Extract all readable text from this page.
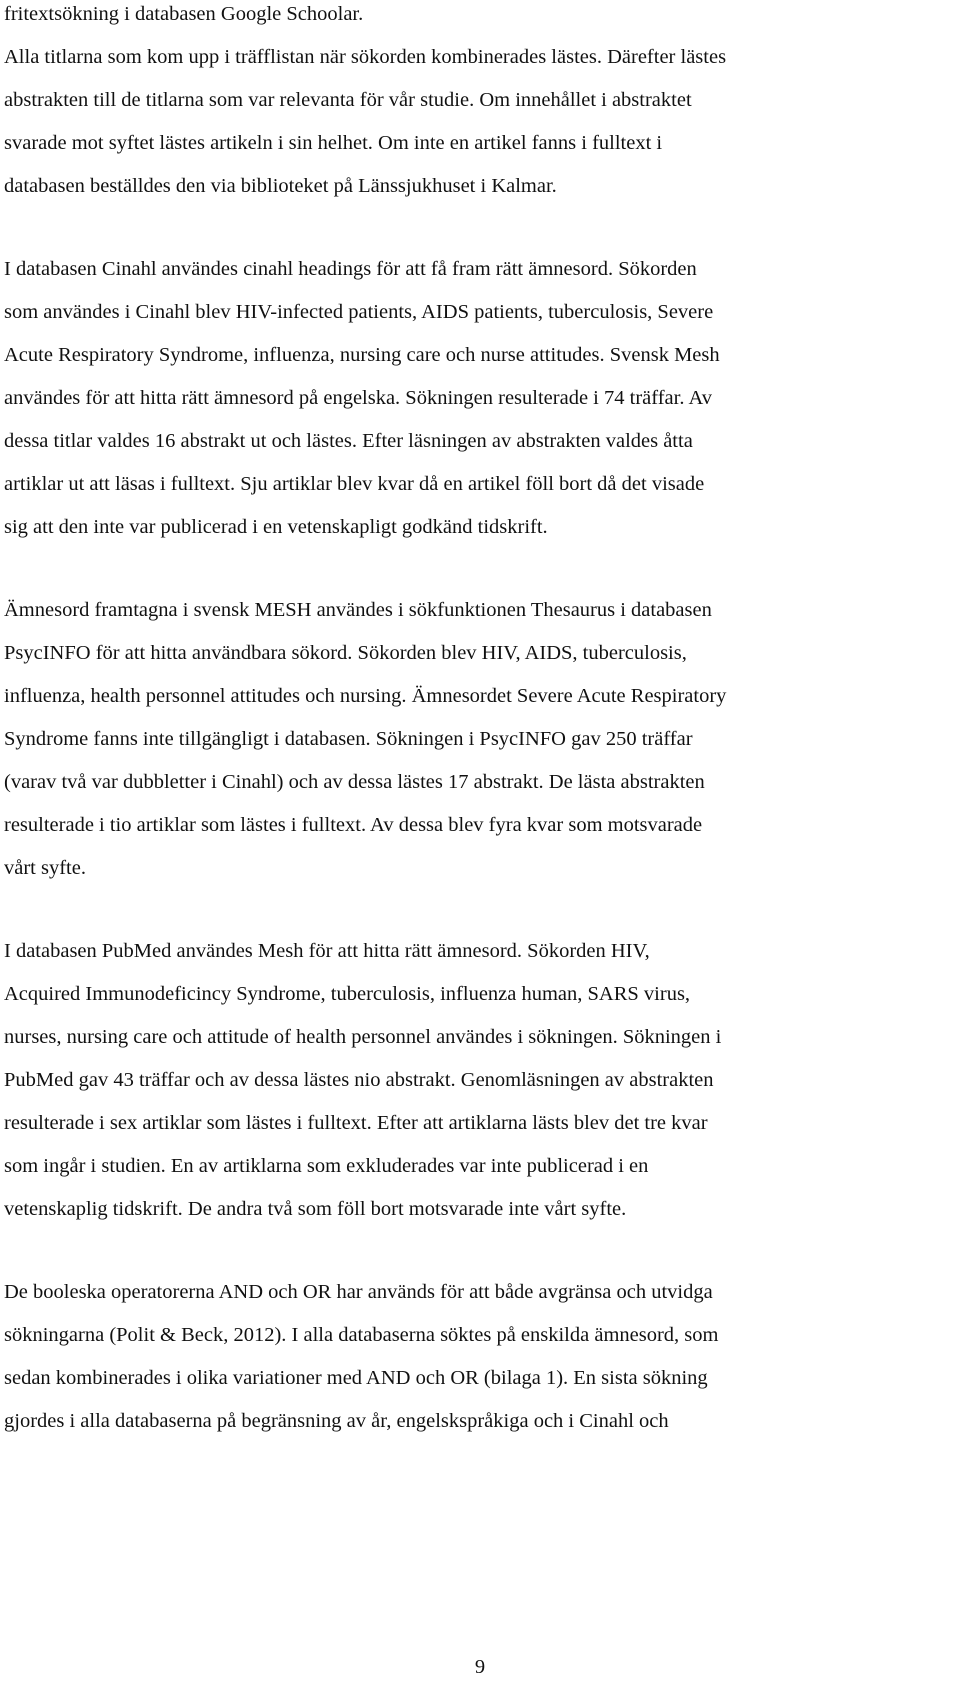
fritextsökning i databasen Google Schoolar.
Alla titlarna som kom upp i träfflistan när sökorden kombinerades lästes. Därefter lästes
abstrakten till de titlarna som var relevanta för vår studie. Om innehållet i abstraktet
svarade mot syftet lästes artikeln i sin helhet. Om inte en artikel fanns i fulltext i
databasen beställdes den via biblioteket på Länssjukhuset i Kalmar.
I databasen Cinahl användes cinahl headings för att få fram rätt ämnesord. Sökorden
som användes i Cinahl blev HIV-infected patients, AIDS patients, tuberculosis, Severe
Acute Respiratory Syndrome, influenza, nursing care och nurse attitudes. Svensk Mesh
användes för att hitta rätt ämnesord på engelska. Sökningen resulterade i 74 träffar. Av
dessa titlar valdes 16 abstrakt ut och lästes. Efter läsningen av abstrakten valdes åtta
artiklar ut att läsas i fulltext. Sju artiklar blev kvar då en artikel föll bort då det visade
sig att den inte var publicerad i en vetenskapligt godkänd tidskrift.
Ämnesord framtagna i svensk MESH användes i sökfunktionen Thesaurus i databasen
PsycINFO för att hitta användbara sökord. Sökorden blev HIV, AIDS, tuberculosis,
influenza, health personnel attitudes och nursing. Ämnesordet Severe Acute Respiratory
Syndrome fanns inte tillgängligt i databasen. Sökningen i PsycINFO gav 250 träffar
(varav två var dubbletter i Cinahl) och av dessa lästes 17 abstrakt. De lästa abstrakten
resulterade i tio artiklar som lästes i fulltext. Av dessa blev fyra kvar som motsvarade
vårt syfte.
I databasen PubMed användes Mesh för att hitta rätt ämnesord. Sökorden HIV,
Acquired Immunodeficincy Syndrome, tuberculosis, influenza human, SARS virus,
nurses, nursing care och attitude of health personnel användes i sökningen. Sökningen i
PubMed gav 43 träffar och av dessa lästes nio abstrakt. Genomläsningen av abstrakten
resulterade i sex artiklar som lästes i fulltext. Efter att artiklarna lästs blev det tre kvar
som ingår i studien. En av artiklarna som exkluderades var inte publicerad i en
vetenskaplig tidskrift. De andra två som föll bort motsvarade inte vårt syfte.
De booleska operatorerna AND och OR har används för att både avgränsa och utvidga
sökningarna (Polit & Beck, 2012). I alla databaserna söktes på enskilda ämnesord, som
sedan kombinerades i olika variationer med AND och OR (bilaga 1). En sista sökning
gjordes i alla databaserna på begränsning av år, engelskspråkiga och i Cinahl och
9
